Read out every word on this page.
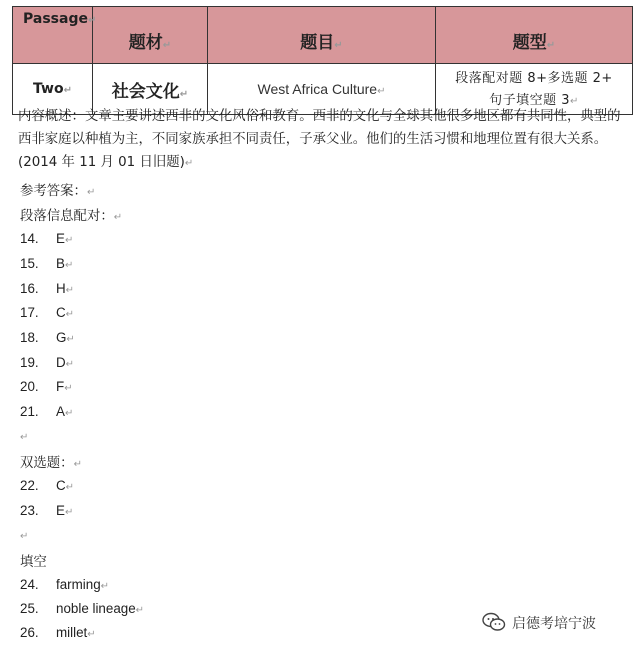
Passage↵	题材↵	题目↵	题型↵
Two↵	社会文化↵	West Africa Culture↵	段落配对题 8+多选题 2+
句子填空题 3↵
内容概述：文章主要讲述西非的文化风俗和教育。西非的文化与全球其他很多地区都有共同性，典型的西非家庭以种植为主，不同家族承担不同责任，子承父业。他们的生活习惯和地理位置有很大关系。(2014 年 11 月 01 日旧题)↵
参考答案：↵
段落信息配对：↵
14. E↵
15. B↵
16. H↵
17. C↵
18. G↵
19. D↵
20. F↵
21. A↵
↵
双选题：↵
22. C↵
23. E↵
↵
填空
24. farming↵
25. noble lineage↵
26. millet↵
启德考培宁波
